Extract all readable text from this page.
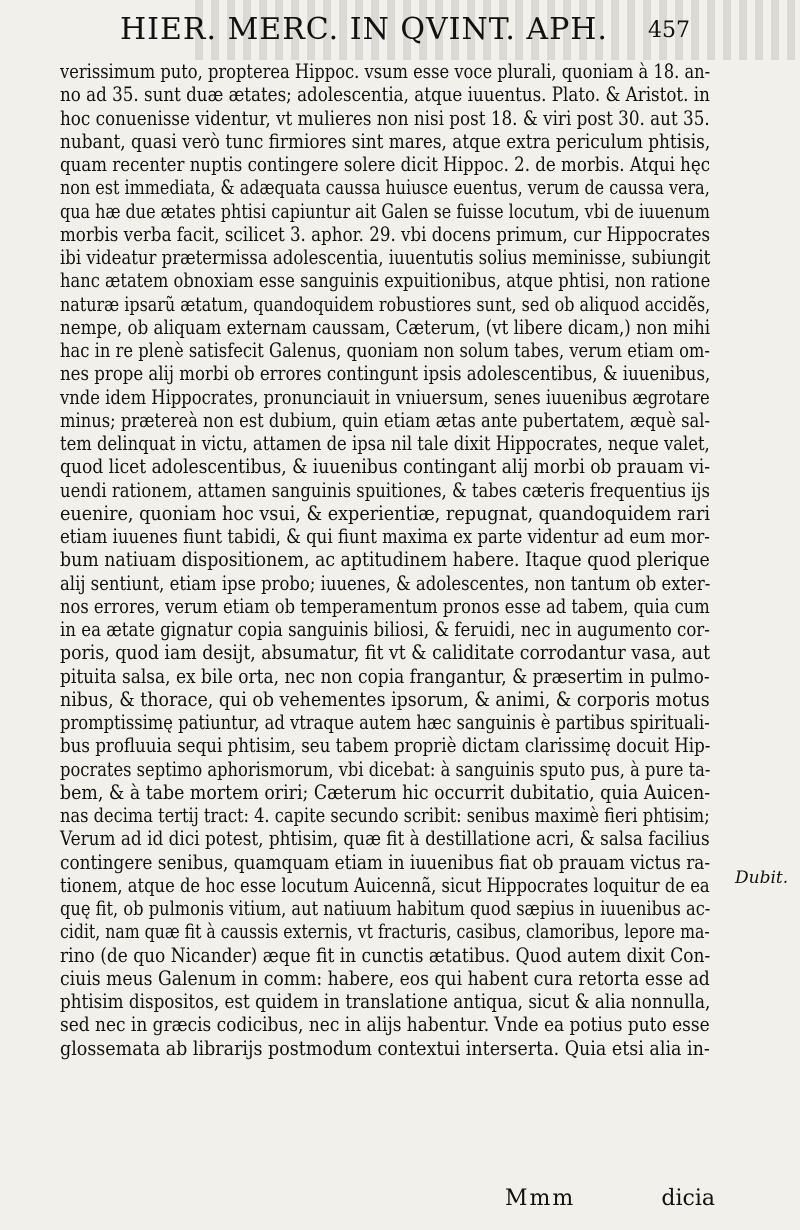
HIER. MERC. IN QVINT. APH. 457
verissimum puto, propterea Hippoc. vsum esse voce plurali, quoniam à 18. an-
no ad 35. sunt duæ ætates; adolescentia, atque iuuentus. Plato. & Aristot. in
hoc conuenisse videntur, vt mulieres non nisi post 18. & viri post 30. aut 35.
nubant, quasi verò tunc firmiores sint mares, atque extra periculum phtisis,
quam recenter nuptis contingere solere dicit Hippoc. 2. de morbis. Atqui hęc
non est immediata, & adæquata caussa huiusce euentus, verum de caussa vera,
qua hæ due ætates phtisi capiuntur ait Galen se fuisse locutum, vbi de iuuenum
morbis verba facit, scilicet 3. aphor. 29. vbi docens primum, cur Hippocrates
ibi videatur prætermissa adolescentia, iuuentutis solius meminisse, subiungit
hanc ætatem obnoxiam esse sanguinis expuitionibus, atque phtisi, non ratione
naturæ ipsarũ ætatum, quandoquidem robustiores sunt, sed ob aliquod accidẽs,
nempe, ob aliquam externam caussam, Cæterum, (vt libere dicam,) non mihi
hac in re plenè satisfecit Galenus, quoniam non solum tabes, verum etiam om-
nes prope alij morbi ob errores contingunt ipsis adolescentibus, & iuuenibus,
vnde idem Hippocrates, pronunciauit in vniuersum, senes iuuenibus ægrotare
minus; prætereà non est dubium, quin etiam ætas ante pubertatem, æquè sal-
tem delinquat in victu, attamen de ipsa nil tale dixit Hippocrates, neque valet,
quod licet adolescentibus, & iuuenibus contingant alij morbi ob prauam vi-
uendi rationem, attamen sanguinis spuitiones, & tabes cæteris frequentius ijs
euenire, quoniam hoc vsui, & experientiæ, repugnat, quandoquidem rari
etiam iuuenes fiunt tabidi, & qui fiunt maxima ex parte videntur ad eum mor-
bum natiuam dispositionem, ac aptitudinem habere. Itaque quod plerique
alij sentiunt, etiam ipse probo; iuuenes, & adolescentes, non tantum ob exter-
nos errores, verum etiam ob temperamentum pronos esse ad tabem, quia cum
in ea ætate gignatur copia sanguinis biliosi, & feruidi, nec in augumento cor-
poris, quod iam desijt, absumatur, fit vt & caliditate corrodantur vasa, aut
pituita salsa, ex bile orta, nec non copia frangantur, & præsertim in pulmo-
nibus, & thorace, qui ob vehementes ipsorum, & animi, & corporis motus
promptissimę patiuntur, ad vtraque autem hæc sanguinis è partibus spirituali-
bus profluuia sequi phtisim, seu tabem propriè dictam clarissimę docuit Hip-
pocrates septimo aphorismorum, vbi dicebat: à sanguinis sputo pus, à pure ta-
bem, & à tabe mortem oriri; Cæterum hic occurrit dubitatio, quia Auicen-
nas decima tertij tract: 4. capite secundo scribit: senibus maximè fieri phtisim;
Verum ad id dici potest, phtisim, quæ fit à destillatione acri, & salsa facilius
contingere senibus, quamquam etiam in iuuenibus fiat ob prauam victus ra-
tionem, atque de hoc esse locutum Auicennã, sicut Hippocrates loquitur de ea
quę fit, ob pulmonis vitium, aut natiuum habitum quod sæpius in iuuenibus ac-
cidit, nam quæ fit à caussis externis, vt fracturis, casibus, clamoribus, lepore ma-
rino (de quo Nicander) æque fit in cunctis ætatibus. Quod autem dixit Con-
ciuis meus Galenum in comm: habere, eos qui habent cura retorta esse ad
phtisim dispositos, est quidem in translatione antiqua, sicut & alia nonnulla,
sed nec in græcis codicibus, nec in alijs habentur. Vnde ea potius puto esse
glossemata ab librarijs postmodum contextui interserta. Quia etsi alia in-
Dubit.
Mmm	dicia
